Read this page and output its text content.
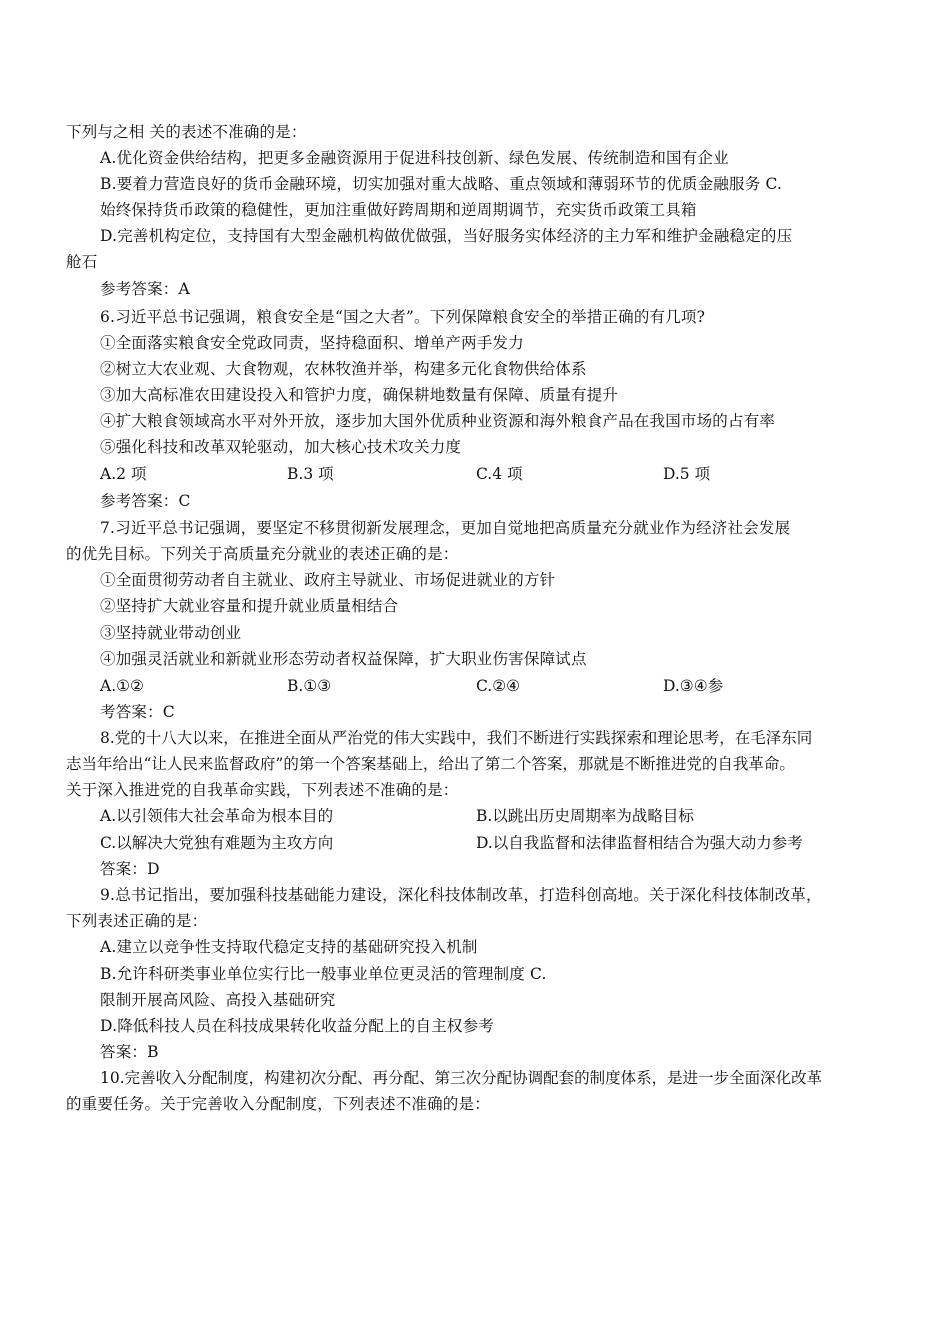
下列与之相 关的表述不准确的是：
A.优化资金供给结构，把更多金融资源用于促进科技创新、绿色发展、传统制造和国有企业
B.要着力营造良好的货币金融环境，切实加强对重大战略、重点领域和薄弱环节的优质金融服务 C.
始终保持货币政策的稳健性，更加注重做好跨周期和逆周期调节，充实货币政策工具箱
D.完善机构定位，支持国有大型金融机构做优做强，当好服务实体经济的主力军和维护金融稳定的压
舱石
参考答案：A
6.习近平总书记强调，粮食安全是“国之大者”。下列保障粮食安全的举措正确的有几项?
①全面落实粮食安全党政同责，坚持稳面积、增单产两手发力
②树立大农业观、大食物观，农林牧渔并举，构建多元化食物供给体系
③加大高标准农田建设投入和管护力度，确保耕地数量有保障、质量有提升
④扩大粮食领域高水平对外开放，逐步加大国外优质种业资源和海外粮食产品在我国市场的占有率
⑤强化科技和改革双轮驱动，加大核心技术攻关力度
A.2 项	B.3 项	C.4 项	D.5 项
参考答案：C
7.习近平总书记强调，要坚定不移贯彻新发展理念，更加自觉地把高质量充分就业作为经济社会发展
的优先目标。下列关于高质量充分就业的表述正确的是：
①全面贯彻劳动者自主就业、政府主导就业、市场促进就业的方针
②坚持扩大就业容量和提升就业质量相结合
③坚持就业带动创业
④加强灵活就业和新就业形态劳动者权益保障，扩大职业伤害保障试点
A.①②	B.①③	C.②④	D.③④参
考答案：C
8.党的十八大以来，在推进全面从严治党的伟大实践中，我们不断进行实践探索和理论思考，在毛泽东同
志当年给出“让人民来监督政府”的第一个答案基础上，给出了第二个答案，那就是不断推进党的自我革命。
关于深入推进党的自我革命实践，下列表述不准确的是：
A.以引领伟大社会革命为根本目的	B.以跳出历史周期率为战略目标
C.以解决大党独有难题为主攻方向	D.以自我监督和法律监督相结合为强大动力参考
答案：D
9.总书记指出，要加强科技基础能力建设，深化科技体制改革，打造科创高地。关于深化科技体制改革，
下列表述正确的是：
A.建立以竞争性支持取代稳定支持的基础研究投入机制
B.允许科研类事业单位实行比一般事业单位更灵活的管理制度 C.
限制开展高风险、高投入基础研究
D.降低科技人员在科技成果转化收益分配上的自主权参考
答案：B
10.完善收入分配制度，构建初次分配、再分配、第三次分配协调配套的制度体系，是进一步全面深化改革
的重要任务。关于完善收入分配制度，下列表述不准确的是：
